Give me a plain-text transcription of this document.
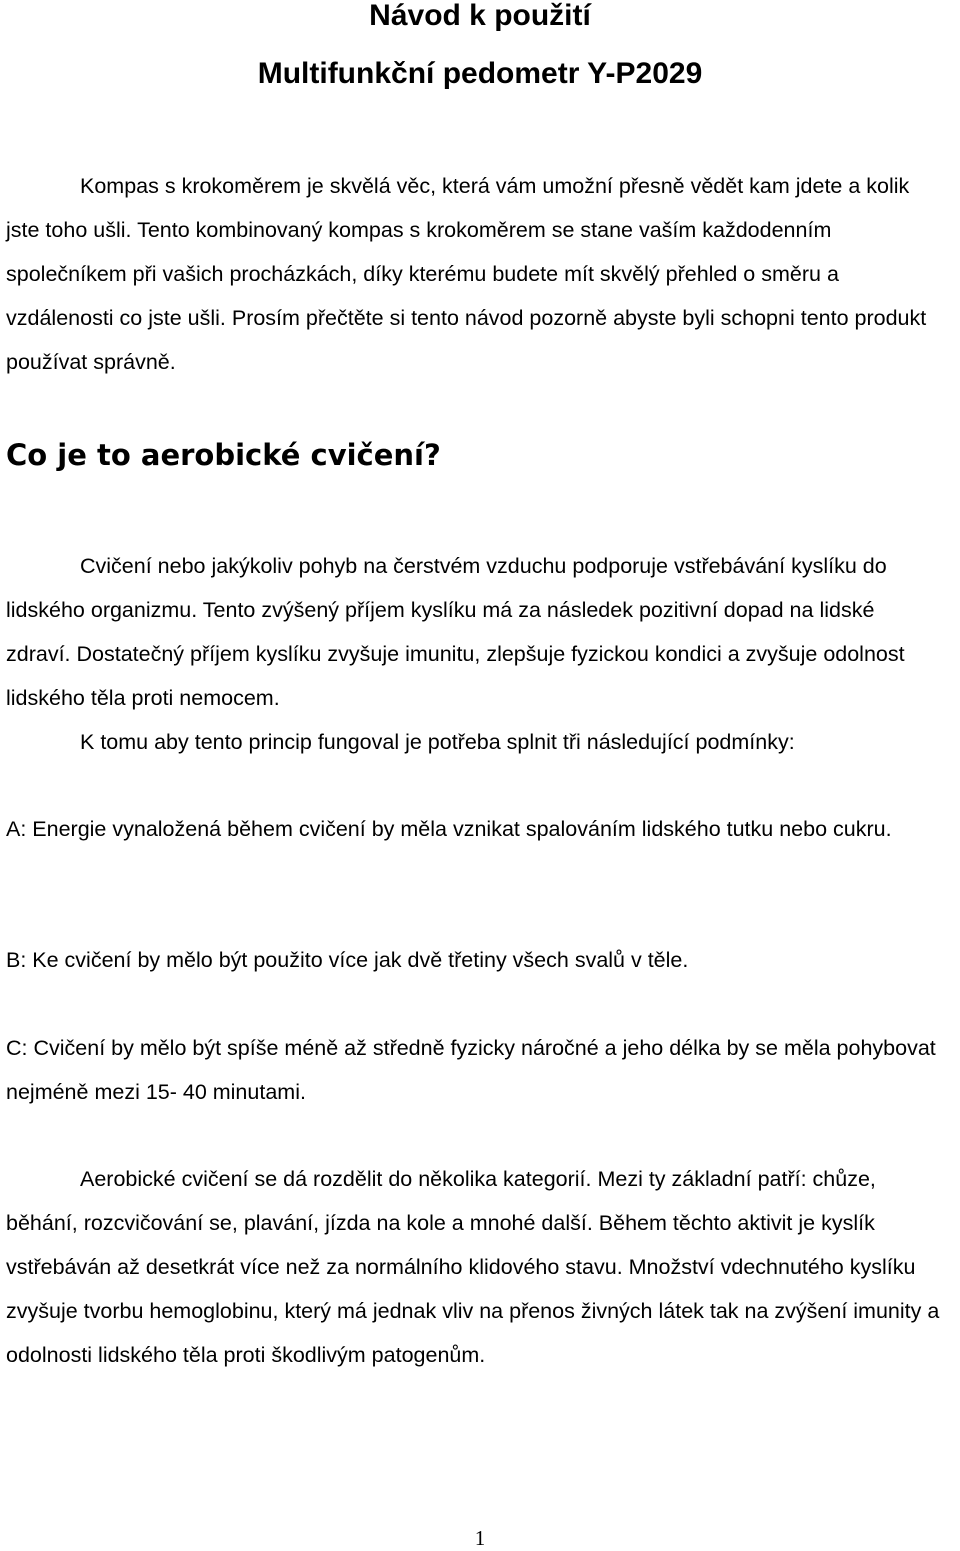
Návod k použití
Multifunkční pedometr Y-P2029

Kompas s krokoměrem je skvělá věc, která vám umožní přesně vědět kam jdete a kolik jste toho ušli. Tento kombinovaný kompas s krokoměrem se stane vaším každodenním společníkem při vašich procházkách, díky kterému budete mít skvělý přehled o směru a vzdálenosti co jste ušli. Prosím přečtěte si tento návod pozorně abyste byli schopni tento produkt používat správně.

Co je to aerobické cvičení?

Cvičení nebo jakýkoliv pohyb na čerstvém vzduchu podporuje vstřebávání kyslíku do lidského organizmu. Tento zvýšený příjem kyslíku má za následek pozitivní dopad na lidské zdraví. Dostatečný příjem kyslíku zvyšuje imunitu, zlepšuje fyzickou kondici a zvyšuje odolnost lidského těla proti nemocem.

K tomu aby tento princip fungoval je potřeba splnit tři následující podmínky:

A: Energie vynaložená během cvičení by měla vznikat spalováním lidského tutku nebo cukru.

B: Ke cvičení by mělo být použito více jak dvě třetiny všech svalů v těle.

C: Cvičení by mělo být spíše méně až středně fyzicky náročné a jeho délka by se měla pohybovat nejméně mezi 15- 40 minutami.

Aerobické cvičení se dá rozdělit do několika kategorií. Mezi ty základní patří: chůze, běhání, rozcvičování se, plavání, jízda na kole a mnohé další. Během těchto aktivit je kyslík vstřebáván až desetkrát více než za normálního klidového stavu. Množství vdechnutého kyslíku zvyšuje tvorbu hemoglobinu, který má jednak vliv na přenos živných látek tak na zvýšení imunity a odolnosti lidského těla proti škodlivým patogenům.

1
